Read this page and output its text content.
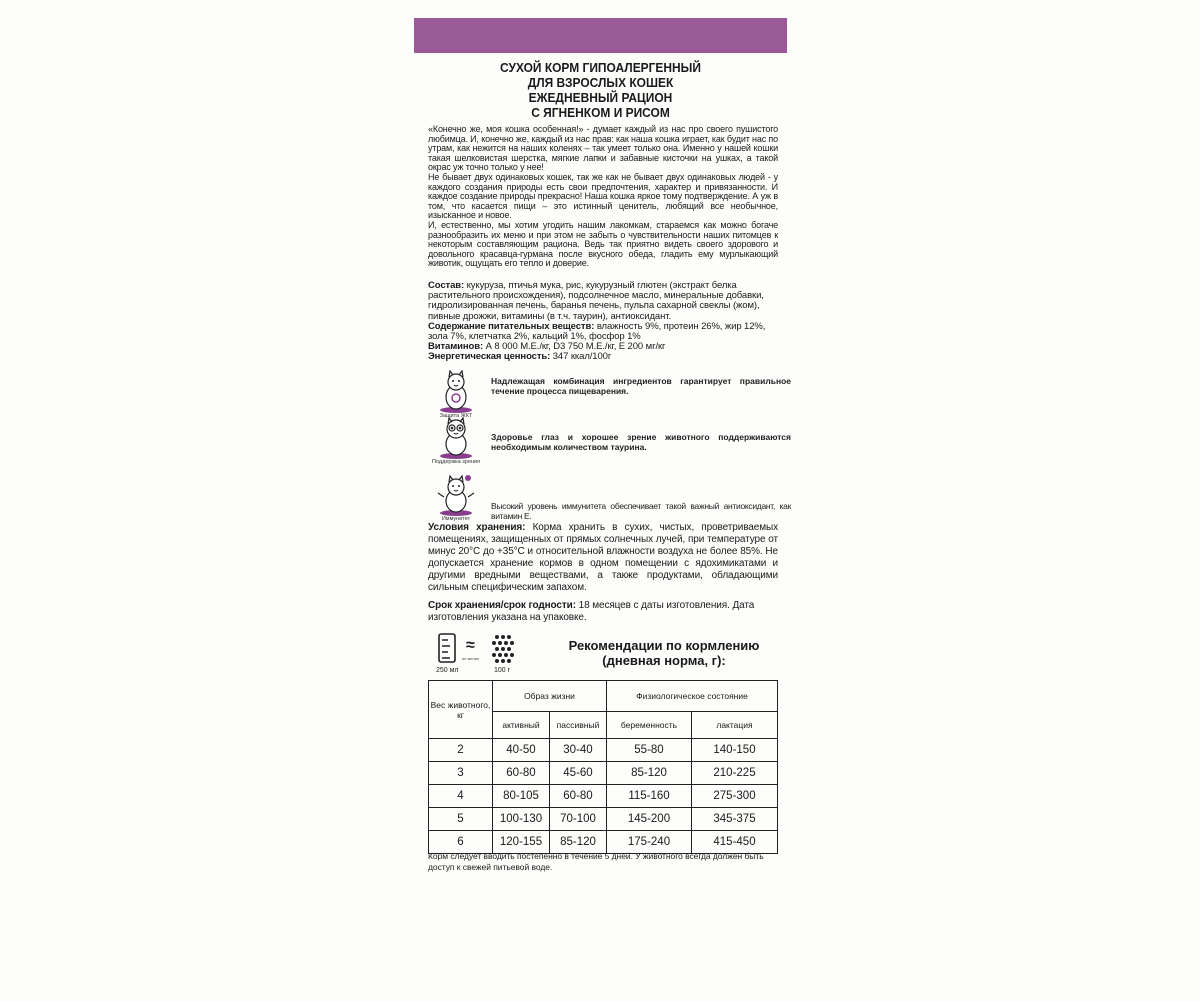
СУХОЙ КОРМ ГИПОАЛЕРГЕННЫЙ
ДЛЯ ВЗРОСЛЫХ КОШЕК
ЕЖЕДНЕВНЫЙ РАЦИОН
С ЯГНЕНКОМ И РИСОМ

«Конечно же, моя кошка особенная!» - думает каждый из нас про своего пушистого любимца. И, конечно же, каждый из нас прав: как наша кошка играет, как будит нас по утрам, как нежится на наших коленях – так умеет только она. Именно у нашей кошки такая шелковистая шерстка, мягкие лапки и забавные кисточки на ушках, а такой окрас уж точно только у нее!

Не бывает двух одинаковых кошек, так же как не бывает двух одинаковых людей - у каждого создания природы есть свои предпочтения, характер и привязанности. И каждое создание природы прекрасно! Наша кошка яркое тому подтверждение. А уж в том, что касается пищи – это истинный ценитель, любящий все необычное, изысканное и новое.

И, естественно, мы хотим угодить нашим лакомкам, стараемся как можно богаче разнообразить их меню и при этом не забыть о чувствительности наших питомцев к некоторым составляющим рациона. Ведь так приятно видеть своего здорового и довольного красавца-гурмана после вкусного обеда, гладить ему мурлыкающий животик, ощущать его тепло и доверие.

Состав: кукуруза, птичья мука, рис, кукурузный глютен (экстракт белка растительного происхождения), подсолнечное масло, минеральные добавки, гидролизированная печень, баранья печень, пульпа сахарной свеклы (жом), пивные дрожжи, витамины (в т.ч. таурин), антиоксидант.

Содержание питательных веществ: влажность 9%, протеин 26%, жир 12%, зола 7%, клетчатка 2%, кальций 1%, фосфор 1%

Витаминов: А 8 000 М.Е./кг, D3 750 М.Е./кг, Е 200 мг/кг

Энергетическая ценность: 347 ккал/100г

Защита ЖКТ
Надлежащая комбинация ингредиентов гарантирует правильное течение процесса пищеварения.
Поддержка зрения
Здоровье глаз и хорошее зрение животного поддерживаются необходимым количеством таурина.
Иммунитет
Высокий уровень иммунитета обеспечивает такой важный антиоксидант, как витамин Е.
Условия хранения: Корма хранить в сухих, чистых, проветриваемых помещениях, защищенных от прямых солнечных лучей, при температуре от минус 20°С до +35°С и относительной влажности воздуха не более 85%. Не допускается хранение кормов в одном помещении с ядохимикатами и другими вредными веществами, а также продуктами, обладающими сильным специфическим запахом.
Срок хранения/срок годности: 18 месяцев с даты изготовления. Дата изготовления указана на упаковке.
≈
не менее
250 мл	100 г
Рекомендации по кормлению
(дневная норма, г):
Вес животного, кг	Образ жизни		Физиологическое состояние	
	активный	пассивный	беременность	лактация
2	40-50	30-40	55-80	140-150
3	60-80	45-60	85-120	210-225
4	80-105	60-80	115-160	275-300
5	100-130	70-100	145-200	345-375
6	120-155	85-120	175-240	415-450
Корм следует вводить постепенно в течение 5 дней. У животного всегда должен быть доступ к свежей питьевой воде.
